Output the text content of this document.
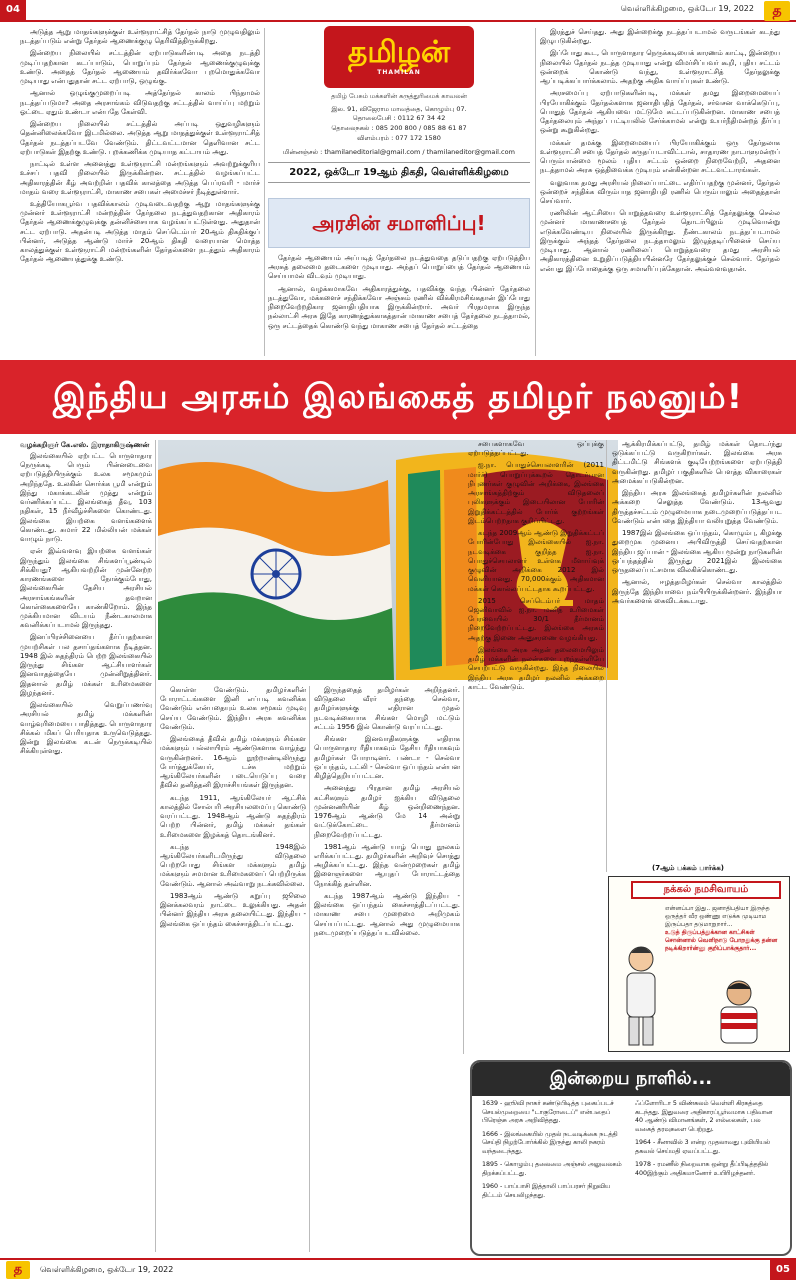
04	வெள்ளிக்கிழமை, ஒக்டோ 19, 2022	த

அடுத்த ஆறு மாதங்களுக்குள் உள்ளூராட்சித் தேர்தல் நாடு முழுவதிலும் நடத்தப்படும் என்று தேர்தல் ஆணைக்குழு தெரிவித்திருக்கிறது.

இன்றைய நிலையில் சட்டத்தின் ஏற்பாடுகளின்படி அதை நடத்தி முடிப்பதற்கான கடப்பாடும், பொறுப்பும் தேர்தல் ஆணைக்குழுவுக்கு உண்டு. அதைத் தேர்தல் ஆணையம் தவிர்க்கவோ புறமொதுக்கவோ முடியாது என்பதுதான் சட்ட ஏற்பாடு, ஒழுங்கு.

ஆனால் ஒழுங்குமுறைப்படி அத்தேர்தல் காலம் பிந்தாமல் நடத்தப்படுமா? அதை அரசாங்கம் விடுவதற்கு சட்டத்தில் வாய்ப்பு மற்றும் ஓட்டை ஏதும் உண்டா என்பதே கேள்வி.

இன்றைய நிலையில் சட்டத்தில் அப்படி ஒதுவழிகளும் தென்னிலைக்கவோ இடமில்லை. அடுத்த ஆறு மாதத்துக்குள் உள்ளூராட்சித் தேர்தல் நடத்தப்படவே வேண்டும். திட்டவட்டமான தெளிவான சட்ட ஏற்பாடுகள் இதற்கு உண்டு. புறக்கணிக்க முடியாத கட்டாயம் அது.

நாட்டில் உள்ள அனைத்து உள்ளூராட்சி மன்றங்களும் அவற்றுக்குரிய உச்சப் பதவி நிலையில் இருக்கின்றன. சட்டத்தில் வழங்கப்பட்ட அதிகாரத்தின் கீழ் அவற்றின் பதவிக் காலத்தை அடுத்த பெப்ரவரி - மார்ச் மாதம் வரை உள்ளூராட்சி, மாகாண சபைகள் அமைச்சர் நீடித்துள்ளார்.

உத்தியோகபூர்வ பதவிக்காலம் முடிவடைவதற்கு ஆறு மாதங்களுக்கு முன்னர் உள்ளூராட்சி மன்றத்தின் தேர்தலை நடத்துவதற்கான அதிகாரம் தேர்தல் ஆணைக்குழுவுக்கு தன்னிச்சையாக வழங்கப்பட்டுள்ளது. அதுதான் சட்ட ஏற்பாடு. அதன்படி அடுத்த மாதம் செப்டெம்பர் 20ஆம் திகதிக்குப் பின்னர், அடுத்த ஆண்டு மார்ச் 20ஆம் திகதி வரையான மொத்த காலத்துக்குள் உள்ளூராட்சி மன்றங்களின் தேர்தல்களை நடத்தும் அதிகாரம் தேர்தல் ஆணையத்துக்கு உண்டு.

தமிழன்
THAMILAN
தமிழ் பேசும் மக்களின் கருத்துரிமைக் காவலன்
இல. 91, விஜேராம மாவத்தை, கொழும்பு 07.
தொலைபேசி : 0112 67 34 42
தொலைநகல் : 085 200 800 / 085 88 61 87
விளம்பரம் : 077 172 1580
மின்னஞ்சல் : thamilaneditorial@gmail.com / thamilaneditor@gmail.com
2022, ஒக்டோ 19ஆம் திகதி, வெள்ளிக்கிழமை
அரசின் சமாளிப்பு!

தேர்தல் ஆணையம் அப்படித் தேர்தலை நடத்துவதை தடுப்பதற்கு ஏற்படுத்திய அரசுத் தலைமை தடைகளை முடியாது. அந்தப் பொறுப்பைத் தேர்தல் ஆணையம் செய்யாமல் விடவும் முடியாது.

ஆனால், வழக்கமாகவே அதிகாரத்துக்கு, பதவிக்கு வந்த பின்னர் தேர்தலை நடத்துவோ, மக்களைச் சந்திக்கவோ அஞ்சும் ரணில் விக்கிரமசிங்கதான் இப்போது நிறைவேற்றதிகார ஜனாதிபதியாக இருக்கின்றார். அவர் பிரதமராக இருந்த நல்லாட்சி அரசு இதே காரணத்துக்காகத்தான் மாகாண சபைத் தேர்தலை நடத்தாமல், ஒரு சட்டத்தைக் கொண்டு வந்து மாகாண சபைத் தேர்தல் சட்டத்தை

இரத்துச் செய்தது. அது இன்றைக்கு நடத்தப்படாமல் வருடங்கள் கடந்து இழுபடுகின்றது.

இப்போது கூட, பொருளாதார நெருக்கடியைக் காரணம் காட்டி, இன்றைய நிலையில் தேர்தல் நடத்த முடியாது என்று விமர்சிப்பவர் கூறி, புதிய சட்டம் ஒன்றைக் கொண்டு வந்து, உள்ளூராட்சித் தேர்தலுக்கு ஆப்படிக்கப்பார்க்கலாம். அதற்கு அதிக வாய்ப்புகள் உண்டு.

அரசமைப்பு ஏற்பாடுகளின்படி, மக்கள் தமது இறைமையைப் பிரயோகிக்கும் தேர்தல்களாக ஜனாதிபதித் தேர்தல், சர்வசன வாக்கெடுப்பு, பொதுத் தேர்தல் ஆகியவை மட்டுமே சுட்டப்படுகின்றன. மாகாண சபைத் தேர்தலையும் அந்தப் பட்டியலில் சேர்க்காமல் என்று உயர்நீதிமன்றத் தீர்ப்பு ஒன்று கூறுகின்றது.

மக்கள் தமக்கு இறைமையைப் பிரயோகிக்கும் ஒரு தேர்தலாக உள்ளூராட்சி சபைத் தேர்தல் கருதப்படாவிட்டால், சாதாரண நாடாளுமன்றப் பெரும்பான்மை மூலம் புதிய சட்டம் ஒன்றை நிறைவேற்றி, அதனை நடத்தாமல் அரசு ஒத்திவைக்க முடியும் என்கின்றன சட்டவட்டாரங்கள்.

வலுவாக தமது அரசியல் நிலைப்பாட்டை எதிர்ப்பதற்கு முன்னர், தேர்தல் ஒன்றைச் சந்திக்க விரும்பாத ஜனாதிபதி ரணில் பெரும்பாலும் அதைத்தான் செய்வார்.

ரணிலின் ஆட்சியை பொறுத்தவரை உள்ளூராட்சித் தேர்தலுக்கு செல்ல முன்னர் மாகாணசபைத் தேர்தல் தொடர்பிலும் முடிவொன்று எடுக்கவேண்டிய நிலையில் இருக்கிறது. நீண்டகாலம் நடத்தப்படாமல் இருக்கும் அந்தத் தேர்தலை நடத்தாமலும் இழுத்தடிப்பினைச் செய்ய முடியாது. ஆனால் ரணிலைப் பொறுத்தவரை தமது அரசியல் அதிகாரத்தினை உறுதிப்படுத்தியபின்னரே தேர்தலுக்குச் செல்வார். தேர்தல் என்பது இப்போதைக்கு ஒரு சமாளிப்புக்கேதான். அவ்வளவுதான்.

இந்திய அரசும் இலங்கைத் தமிழர் நலனும்!
வழக்கறிஞர் கே.எஸ். இராதாகிருஷ்ணன்

இலங்கையில் ஏற்பட்ட பொருளாதார நெருக்கடி பெரும் பின்னடைவை ஏற்படுத்தியிருக்கும் உலக சமூகமும் அறிந்ததே. உலகின் சொர்க்க பூமி என்றும் இந்து மகாக்கடலின் முத்து என்றும் வர்ணிக்கப்பட்ட இலங்கைத் தீவு, 103 நதிகள், 15 நீர்வீழ்ச்சிகளை கொண்டது. இலங்கை இயற்கை வளங்களைக் கொண்டது. சுமார் 22 மில்லியன் மக்கள் வாழும் நாடு.

ஏன் இவ்வளவு இயற்கை வளங்கள் இருந்தும் இலங்கை சிங்களப்பூண்டில் சிக்கியது? ஆகியவற்றின் முன்னேற்ற காரணங்களை நோக்கும்போது, இலங்கையின் தேசிய அரசியல் அரசாங்கங்களின் தவறான கொள்கைகளையே காண்கிறோம். இந்த முக்கியமான விடயம் நீண்டகாலமாக கவனிக்கப்படாமல் இருந்தது.

இனப்பிரச்சினையை தீர்ப்பதற்கான முயற்சிகள் பல தசாப்தங்களாக நீடித்தன. 1948 இல் சுதந்திரம் பெற்ற இலங்கையில் இருந்து சிங்கள ஆட்சியாளர்கள் இனவாதத்தையே முன்னிறுத்தினர். இதனால் தமிழ் மக்கள் உரிமைகளை இழந்தனர்.

இலங்கையில் வெறுப்பணர்வு அரசியல் தமிழ் மக்களின் வாழ்வுரிமையை பாதித்தது. பொருளாதார சிக்கல் மிகப் பெரியதாக உருவெடுத்தது. இன்று இலங்கை கடன் நெருக்கடியில் சிக்கியுள்ளது.

கொள்ள வேண்டும். தமிழர்களின் போராட்டங்களை இனி எப்படி கவனிக்க வேண்டும் என்பதையும் உலக சமூகம் முடிவு செய்ய வேண்டும். இந்திய அரசு கவனிக்க வேண்டும்.

இலங்கைத் தீவில் தமிழ் மக்களும் சிங்கள மக்களும் பல்லாயிரம் ஆண்டுகளாக வாழ்ந்து வருகின்றனர். 16ஆம் நூற்றாண்டிலிருந்து போர்த்துக்கேயர், டச்சு மற்றும் ஆங்கிலேயர்களின் படையெடுப்பு வரை தீவில் தனித்தனி இராச்சியங்கள் இருந்தன.

கடந்த 1911, ஆங்கிலேயர் ஆட்சிக் காலத்தில் சோல்பரி அரசியலமைப்பு கொண்டு வரப்பட்டது. 1948ஆம் ஆண்டு சுதந்திரம் பெற்ற பின்னர், தமிழ் மக்கள் தங்கள் உரிமைகளை இழக்கத் தொடங்கினர்.

கடந்த 1948இல் ஆங்கிலேயர்களிடமிருந்து விடுதலை பெற்றபோது சிங்கள மக்களும் தமிழ் மக்களும் சமமான உரிமைகளைப் பெற்றிருக்க வேண்டும். ஆனால் அவ்வாறு நடக்கவில்லை.

1983ஆம் ஆண்டு கறுப்பு ஜூலை இனக்கலவரம் நாட்டை உலுக்கியது. அதன் பின்னர் இந்திய அரசு தலையிட்டது. இந்திய - இலங்கை ஒப்பந்தம் கைச்சாத்திடப்பட்டது.

இருந்ததைத் தமிழர்கள் அறிந்தனர். விடுதலை வீரர் தந்தை செல்வா, தமிழர்களுக்கு எதிரான முதல் நடவடிக்கையாக சிங்கள மொழி மட்டும் சட்டம் 1956 இல் கொண்டு வரப்பட்டது.

சிங்கள இனவாதிகளுக்கு எதிராக பொருளாதார ரீதியாகவும் தேசிய ரீதியாகவும் தமிழர்கள் போராடினர். பண்டா - செல்வா ஒப்பந்தம், டட்லி - செல்வா ஒப்பந்தம் என்பன கிழித்தெறியப்பட்டன.

அனைத்து பிரதான தமிழ் அரசியல் கட்சிகளும் தமிழர் ஐக்கிய விடுதலை முன்னணியின் கீழ் ஒன்றிணைந்தன. 1976ஆம் ஆண்டு மே 14 அன்று வட்டுக்கோட்டை தீர்மானம் நிறைவேற்றப்பட்டது.

1981ஆம் ஆண்டு யாழ் பொது நூலகம் எரிக்கப்பட்டது. தமிழர்களின் அறிவுச் சொத்து அழிக்கப்பட்டது. இந்த வன்முறைகள் தமிழ் இளைஞர்களை ஆயுதப் போராட்டத்தை நோக்கித் தள்ளின.

கடந்த 1987ஆம் ஆண்டு இந்திய - இலங்கை ஒப்பந்தம் கைச்சாத்திடப்பட்டது. மாகாண சபை முறைமை அறிமுகம் செய்யப்பட்டது. ஆனால் அது முழுமையாக நடைமுறைப்படுத்தப்படவில்லை.

சபைகளாகவே ஒப்புக்கு ஏற்படுத்தப்பட்டது.

ஐ.நா. பொதுச்செயலாளரின் (2011 மார்ச்) பொறுப்புக்கூறல் தொடர்பான நிபுணர்கள் குழுவின் அறிக்கை, இலங்கை அரசாங்கத்திற்கும் விடுதலைப் புலிகளுக்கும் இடையிலான போரின் இறுதிக்கட்டத்தில் போர்க் குற்றங்கள் இடம்பெற்றதாக குறிப்பிட்டது.

கடந்த 2009ஆம் ஆண்டு இறுதிக்கட்டப் போரின்போது இலங்கையில் ஐ.நா. நடவடிக்கை குறித்த ஐ.நா. பொதுச்செயலாளர் உள்ளக மீளாய்வுக் குழுவின் அறிக்கை 2012 இல் வெளியானது. 70,000க்கும் அதிகமான மக்கள் கொல்லப்பட்டதாக கூறப்பட்டது.

2015 செப்டெம்பர் மாதம் ஜெனிவாவில் ஐ.நா. மனித உரிமைகள் பேரவையில் 30/1 தீர்மானம் நிறைவேற்றப்பட்டது. இலங்கை அரசும் அதற்கு இணை அனுசரணை வழங்கியது.

இலங்கை அரசு அதன் தலைமையிலும் தமிழ் மக்களின் நலன்களை புறந்தள்ளியே செயற்பட்டு வருகின்றது. இந்த நிலையில் இந்திய அரசு தமிழர் நலனில் அக்கறை காட்ட வேண்டும்.

ஆக்கிரமிக்கப்பட்டு, தமிழ் மக்கள் தொடர்ந்து ஒடுக்கப்பட்டு வருகிறார்கள். இலங்கை அரசு திட்டமிட்டு சிங்களக் குடியேற்றங்களை ஏற்படுத்தி வருகின்றது. தமிழர் பகுதிகளில் பௌத்த விகாரைகள் அமைக்கப்படுகின்றன.

இந்திய அரசு இலங்கைத் தமிழர்களின் நலனில் அக்கறை செலுத்த வேண்டும். 13ஆவது திருத்தச்சட்டம் முழுமையாக நடைமுறைப்படுத்தப்பட வேண்டும் என்பதை இந்தியா வலியுறுத்த வேண்டும்.

1987இல் இலங்கை ஒப்பந்தம், கொழும்பு, கிழக்கு துறைமுக முனைய அபிவிருத்தி செய்வதற்கான இந்திய ஜப்பான் - இலங்கை ஆகிய மூன்று நாடுகளின் ஒப்பந்தத்தில் இருந்து 2021இல் இலங்கை ஒருதலைப்பட்சமாக விலகிக்கொண்டது.

ஆனால், ஈழத்தமிழர்கள் செல்வா காலத்தில் இருந்தே இந்தியாவை நம்பியிருக்கின்றனர். இந்தியா அவர்களைக் கைவிடக்கூடாது.

(7ஆம் பக்கம் பார்க்க)
நக்கல் நமசிவாயம்
என்னப்பா இது.. ஜனாதிபதியா இருந்த ஒருத்தர் வீர ஒண்ணு எடுக்க முடியாம இருப்பதா தடுமாறுறார்...
உடுத் திருப்பத்துக்கான காட்சிகள் சொன்னால் வெளிநாடு போறதுக்கு தன்ன நடிக்கிறார்ன்னு குறிப்பாக்குதார்...
இன்றைய நாளில்...
1639 - ஹூவி நாகர் கண்டுபிடித்த புகைப்படச் செயல்முறையை "டாகுரோடைப்" என்பதைப் பிரெஞ்சு அரசு அறிவித்தது.
1666 - இலங்கையில் முதல் நடவடிக்கை நடத்தி செய்தி நிழற்போர்க்கில் இருந்து காலி நகரம் வந்தடைந்தது.
1895 - கொழும்பு தலைமை அஞ்சல் அலுவலகம் திறக்கப்பட்டது.
1960 - பாப்பாசி இத்தாலி பாப்பரசர் நிறுவிய திட்டம் செயலிழந்தது.
ஃப்ளோரிடா 5 விண்கலம் வெள்ளி கிரகத்தை கடந்தது. இதுவரை அதிகாரப்பூர்வமாக பதிவான 40 ஆண்டு விமானங்கள், 2 எல்லைகள், பல வகைத் தரவுகளை பெற்றது.
1964 - சீனாவில் 3 என்ற முதலாவது புவியியல் தகவல் செய்மதி ஏவப்பட்டது.
1978 - ரமணீல் நிறைவாக ஒன்று தீப்பிடித்ததில் 400இற்கும் அதிகமானோர் உயிரிழந்தனர்.
த	வெள்ளிக்கிழமை, ஒக்டோ 19, 2022	05
